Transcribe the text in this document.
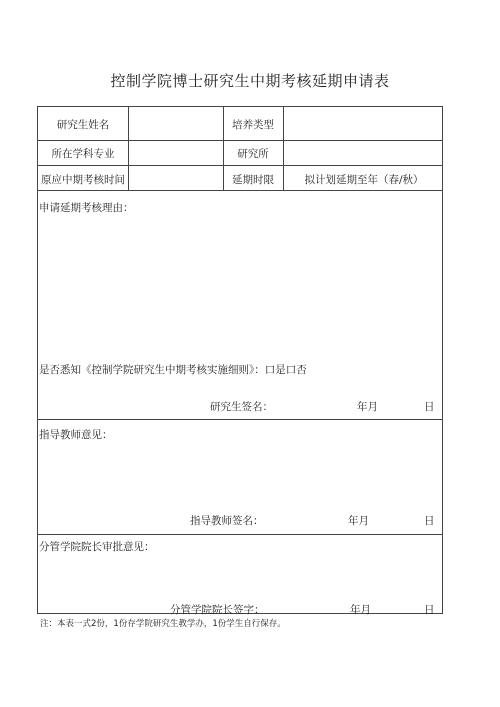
控制学院博士研究生中期考核延期申请表
研究生姓名	培养类型
所在学科专业	研究所
原应中期考核时间	延期时限	拟计划延期至年（春/秋）
申请延期考核理由：
是否悉知《控制学院研究生中期考核实施细则》：口是口否
研究生签名：	年月	日
指导教师意见：
指导教师签名：	年月	日
分管学院院长审批意见：
分管学院院长签字：	年月	日
注：本表一式2份，1份存学院研究生教学办，1份学生自行保存。
